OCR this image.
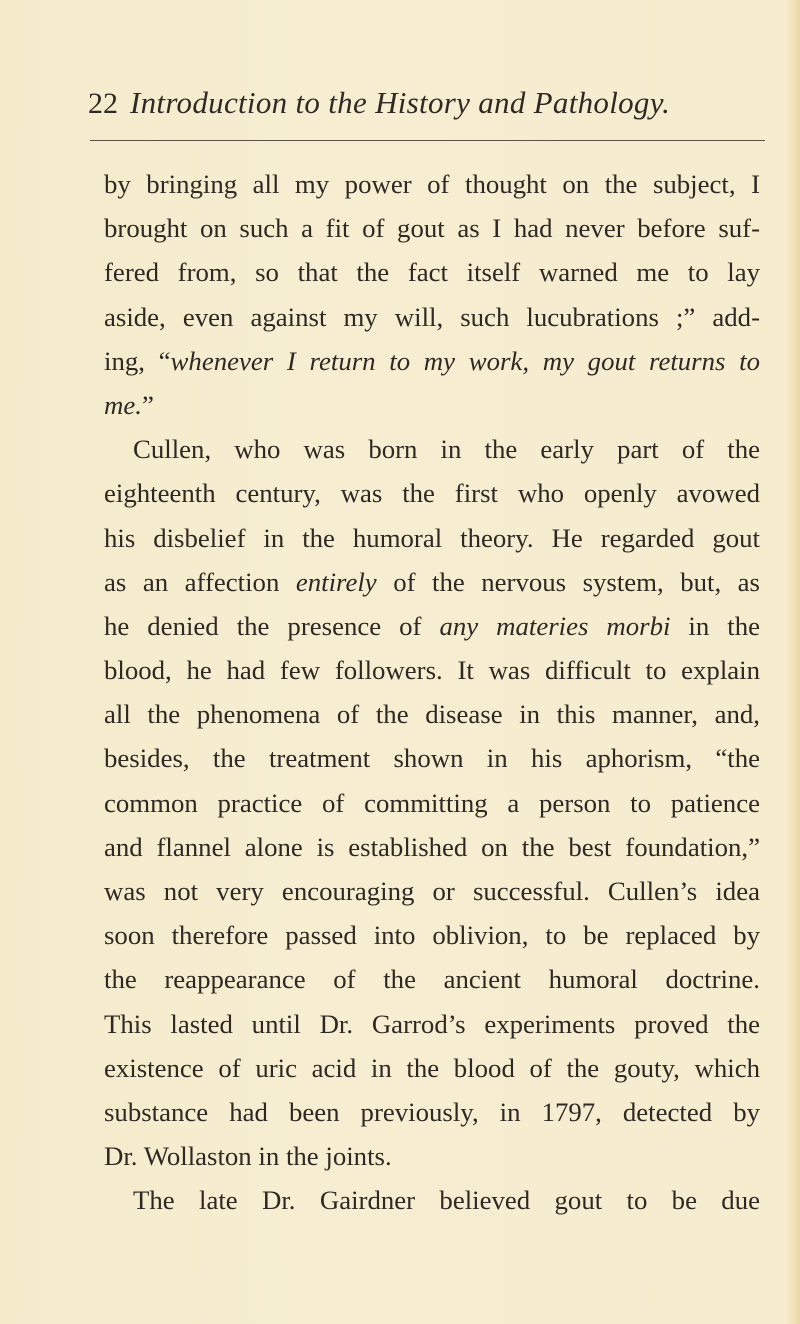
22 Introduction to the History and Pathology.
by bringing all my power of thought on the subject, I
brought on such a fit of gout as I had never before suf-
fered from, so that the fact itself warned me to lay
aside, even against my will, such lucubrations ;” add-
ing, “whenever I return to my work, my gout returns to
me.”
Cullen, who was born in the early part of the
eighteenth century, was the first who openly avowed
his disbelief in the humoral theory. He regarded gout
as an affection entirely of the nervous system, but, as
he denied the presence of any materies morbi in the
blood, he had few followers. It was difficult to explain
all the phenomena of the disease in this manner, and,
besides, the treatment shown in his aphorism, “the
common practice of committing a person to patience
and flannel alone is established on the best foundation,”
was not very encouraging or successful. Cullen’s idea
soon therefore passed into oblivion, to be replaced by
the reappearance of the ancient humoral doctrine.
This lasted until Dr. Garrod’s experiments proved the
existence of uric acid in the blood of the gouty, which
substance had been previously, in 1797, detected by
Dr. Wollaston in the joints.
The late Dr. Gairdner believed gout to be due
